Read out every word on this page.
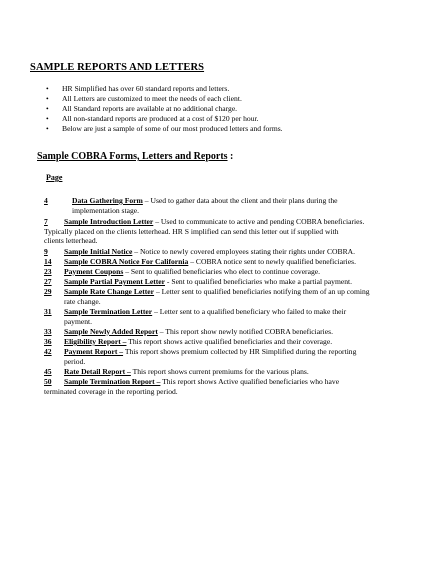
SAMPLE REPORTS AND LETTERS
• HR Simplified has over 60 standard reports and letters.
• All Letters are customized to meet the needs of each client.
• All Standard reports are available at no additional charge.
• All non-standard reports are produced at a cost of $120 per hour.
• Below are just a sample of some of our most produced letters and forms.
Sample COBRA Forms, Letters and Reports :
Page
4	Data Gathering Form – Used to gather data about the client and their plans during the
implementation stage.
7 Sample Introduction Letter – Used to communicate to active and pending COBRA beneficiaries.
Typically placed on the clients letterhead. HR S implified can send this letter out if supplied with
clients letterhead.
9 Sample Initial Notice – Notice to newly covered employees stating their rights under COBRA.
14 Sample COBRA Notice For California – COBRA notice sent to newly qualified beneficiaries.
23 Payment Coupons – Sent to qualified beneficiaries who elect to continue coverage.
27 Sample Partial Payment Letter - Sent to qualified beneficiaries who make a partial payment.
29 Sample Rate Change Letter – Letter sent to qualified beneficiaries notifying them of an up coming
rate change.
31 Sample Termination Letter – Letter sent to a qualified beneficiary who failed to make their
payment.
33 Sample Newly Added Report – This report show newly notified COBRA beneficiaries.
36 Eligibility Report – This report shows active qualified beneficiaries and their coverage.
42 Payment Report – This report shows premium collected by HR Simplified during the reporting
period.
45 Rate Detail Report – This report shows current premiums for the various plans.
50 Sample Termination Report – This report shows Active qualified beneficiaries who have
terminated coverage in the reporting period.
